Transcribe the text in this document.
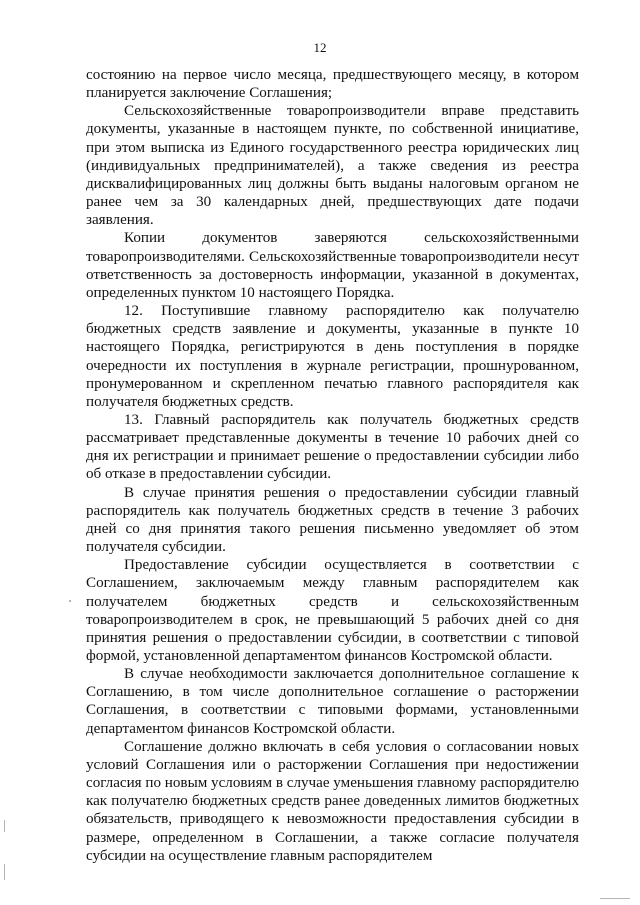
12

состоянию на первое число месяца, предшествующего месяцу, в котором планируется заключение Соглашения;

Сельскохозяйственные товаропроизводители вправе представить документы, указанные в настоящем пункте, по собственной инициативе, при этом выписка из Единого государственного реестра юридических лиц (индивидуальных предпринимателей), а также сведения из реестра дисквалифицированных лиц должны быть выданы налоговым органом не ранее чем за 30 календарных дней, предшествующих дате подачи заявления.

Копии документов заверяются сельскохозяйственными товаропроизводителями. Сельскохозяйственные товаропроизводители несут ответственность за достоверность информации, указанной в документах, определенных пунктом 10 настоящего Порядка.

12. Поступившие главному распорядителю как получателю бюджетных средств заявление и документы, указанные в пункте 10 настоящего Порядка, регистрируются в день поступления в порядке очередности их поступления в журнале регистрации, прошнурованном, пронумерованном и скрепленном печатью главного распорядителя как получателя бюджетных средств.

13. Главный распорядитель как получатель бюджетных средств рассматривает представленные документы в течение 10 рабочих дней со дня их регистрации и принимает решение о предоставлении субсидии либо об отказе в предоставлении субсидии.

В случае принятия решения о предоставлении субсидии главный распорядитель как получатель бюджетных средств в течение 3 рабочих дней со дня принятия такого решения письменно уведомляет об этом получателя субсидии.

Предоставление субсидии осуществляется в соответствии с Соглашением, заключаемым между главным распорядителем как получателем бюджетных средств и сельскохозяйственным товаропроизводителем в срок, не превышающий 5 рабочих дней со дня принятия решения о предоставлении субсидии, в соответствии с типовой формой, установленной департаментом финансов Костромской области.

В случае необходимости заключается дополнительное соглашение к Соглашению, в том числе дополнительное соглашение о расторжении Соглашения, в соответствии с типовыми формами, установленными департаментом финансов Костромской области.

Соглашение должно включать в себя условия о согласовании новых условий Соглашения или о расторжении Соглашения при недостижении согласия по новым условиям в случае уменьшения главному распорядителю как получателю бюджетных средств ранее доведенных лимитов бюджетных обязательств, приводящего к невозможности предоставления субсидии в размере, определенном в Соглашении, а также согласие получателя субсидии на осуществление главным распорядителем
